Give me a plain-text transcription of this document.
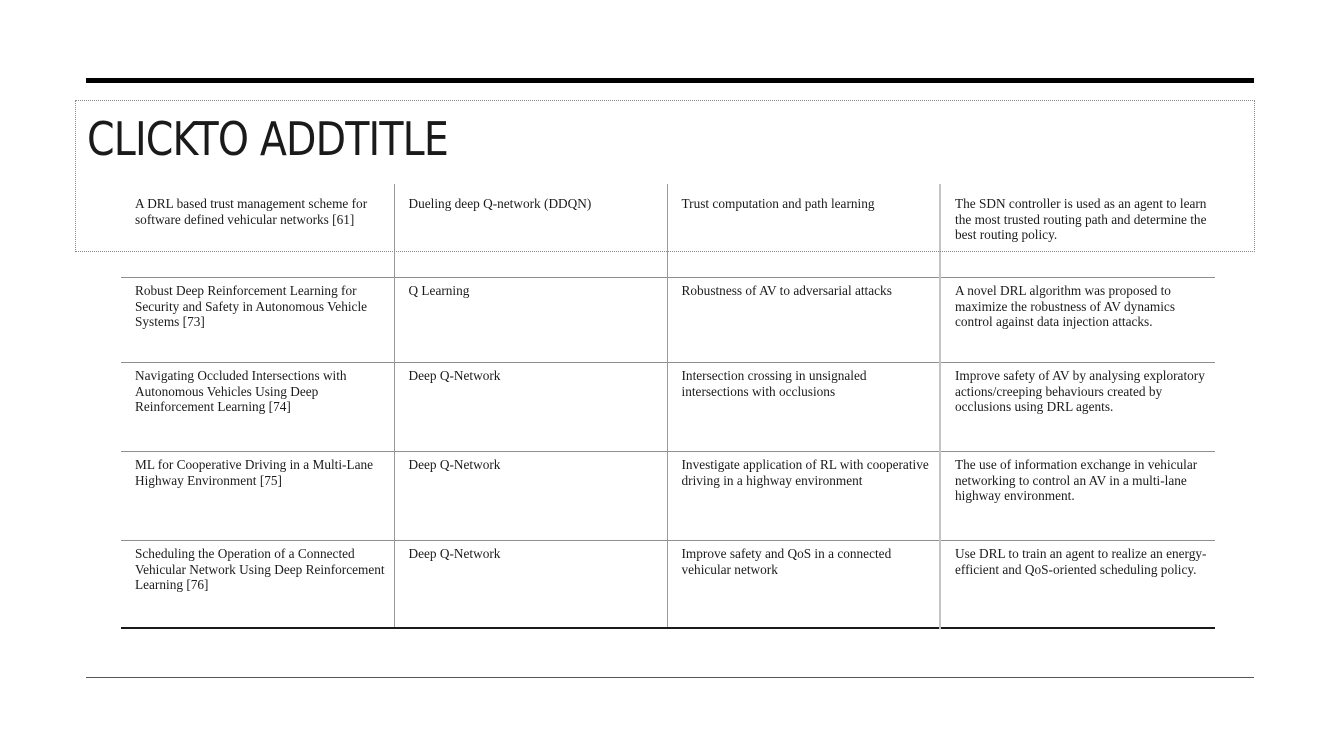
CLICKTO ADDTITLE
A DRL based trust management scheme for software defined vehicular networks [61]	Dueling deep Q-network (DDQN)	Trust computation and path learning	The SDN controller is used as an agent to learn the most trusted routing path and determine the best routing policy.
Robust Deep Reinforcement Learning for Security and Safety in Autonomous Vehicle Systems [73]	Q Learning	Robustness of AV to adversarial attacks	A novel DRL algorithm was proposed to maximize the robustness of AV dynamics control against data injection attacks.
Navigating Occluded Intersections with Autonomous Vehicles Using Deep Reinforcement Learning [74]	Deep Q-Network	Intersection crossing in unsignaled intersections with occlusions	Improve safety of AV by analysing exploratory actions/creeping behaviours created by occlusions using DRL agents.
ML for Cooperative Driving in a Multi-Lane Highway Environment [75]	Deep Q-Network	Investigate application of RL with cooperative driving in a highway environment	The use of information exchange in vehicular networking to control an AV in a multi-lane highway environment.
Scheduling the Operation of a Connected Vehicular Network Using Deep Reinforcement Learning [76]	Deep Q-Network	Improve safety and QoS in a connected vehicular network	Use DRL to train an agent to realize an energy-efficient and QoS-oriented scheduling policy.
